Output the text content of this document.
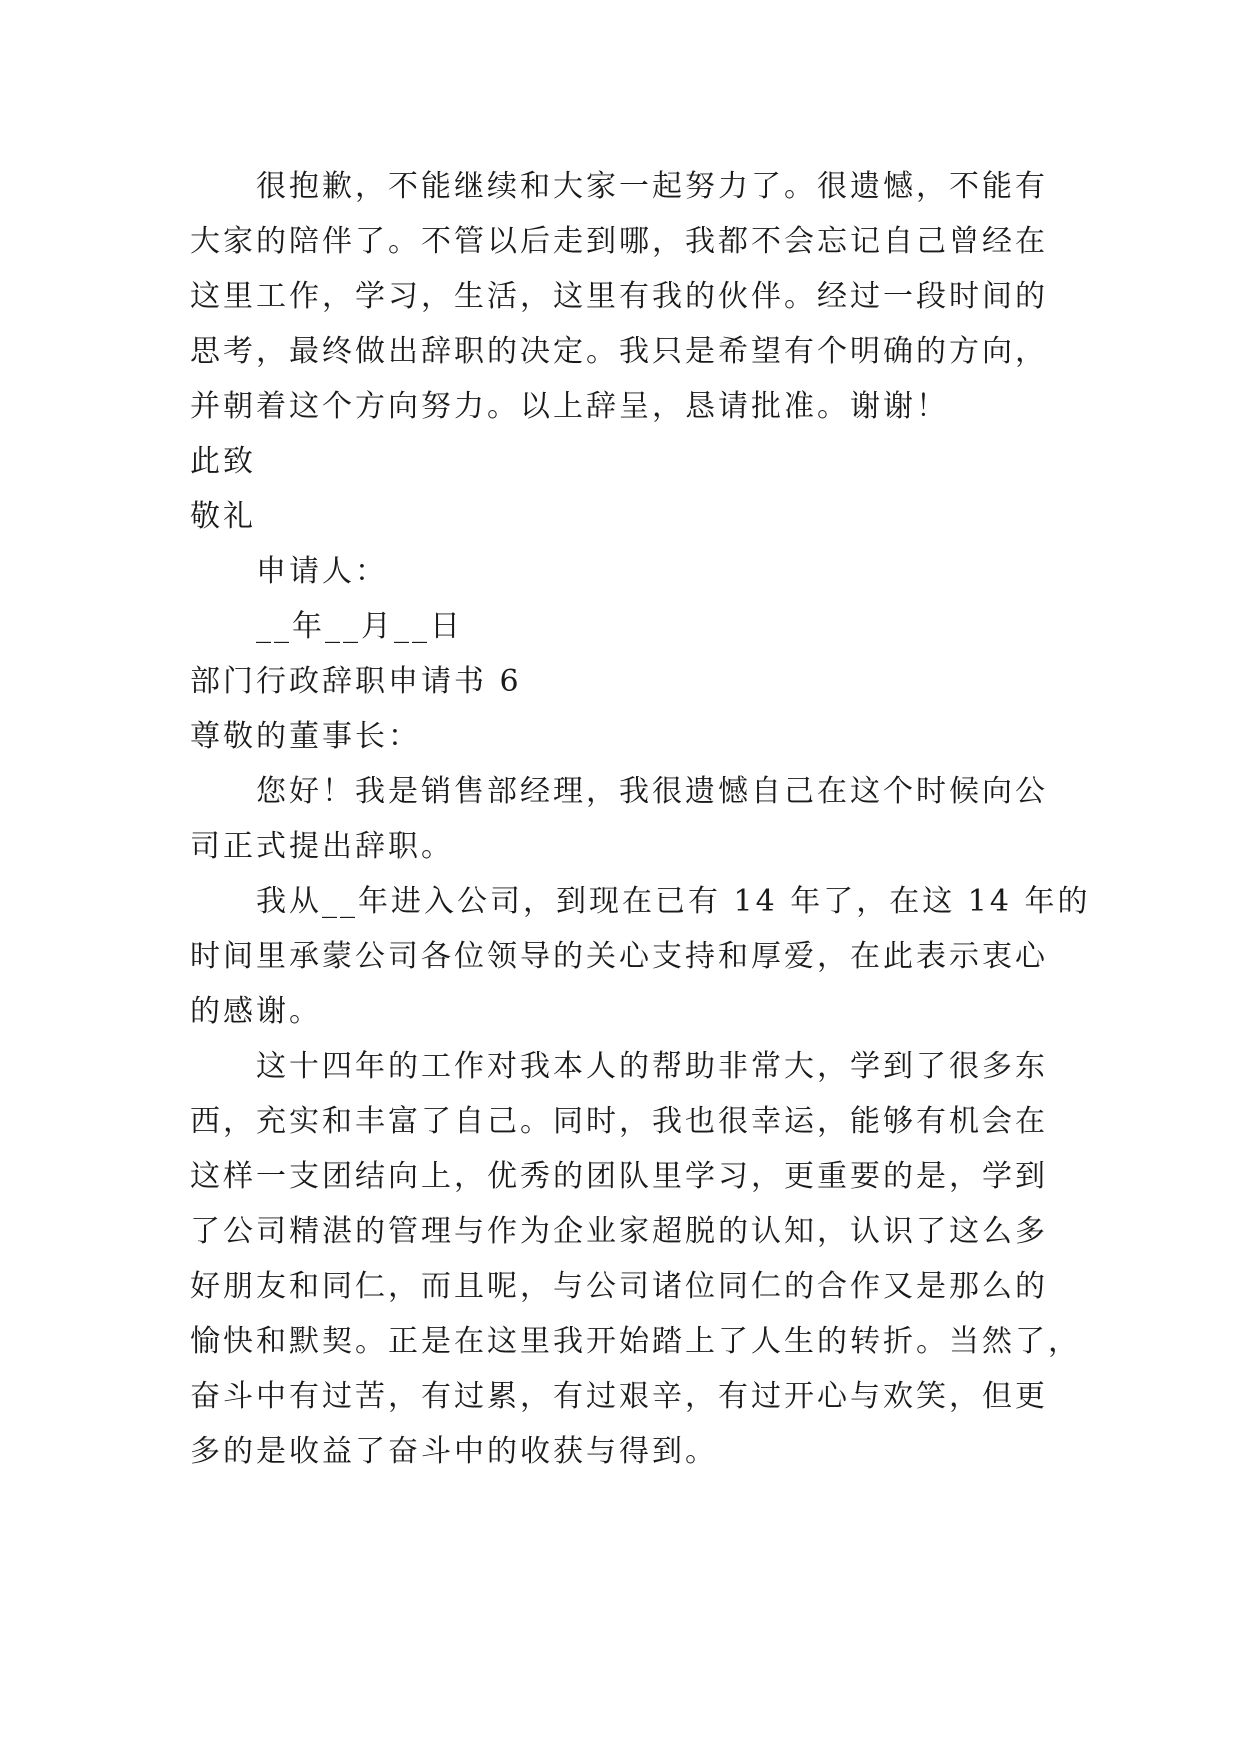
很抱歉，不能继续和大家一起努力了。很遗憾，不能有
大家的陪伴了。不管以后走到哪，我都不会忘记自己曾经在
这里工作，学习，生活，这里有我的伙伴。经过一段时间的
思考，最终做出辞职的决定。我只是希望有个明确的方向，
并朝着这个方向努力。以上辞呈，恳请批准。谢谢！
此致
敬礼
申请人：
__年__月__日
部门行政辞职申请书 6
尊敬的董事长：
您好！我是销售部经理，我很遗憾自己在这个时候向公
司正式提出辞职。
我从__年进入公司，到现在已有 14 年了，在这 14 年的
时间里承蒙公司各位领导的关心支持和厚爱，在此表示衷心
的感谢。
这十四年的工作对我本人的帮助非常大，学到了很多东
西，充实和丰富了自己。同时，我也很幸运，能够有机会在
这样一支团结向上，优秀的团队里学习，更重要的是，学到
了公司精湛的管理与作为企业家超脱的认知，认识了这么多
好朋友和同仁，而且呢，与公司诸位同仁的合作又是那么的
愉快和默契。正是在这里我开始踏上了人生的转折。当然了，
奋斗中有过苦，有过累，有过艰辛，有过开心与欢笑，但更
多的是收益了奋斗中的收获与得到。
